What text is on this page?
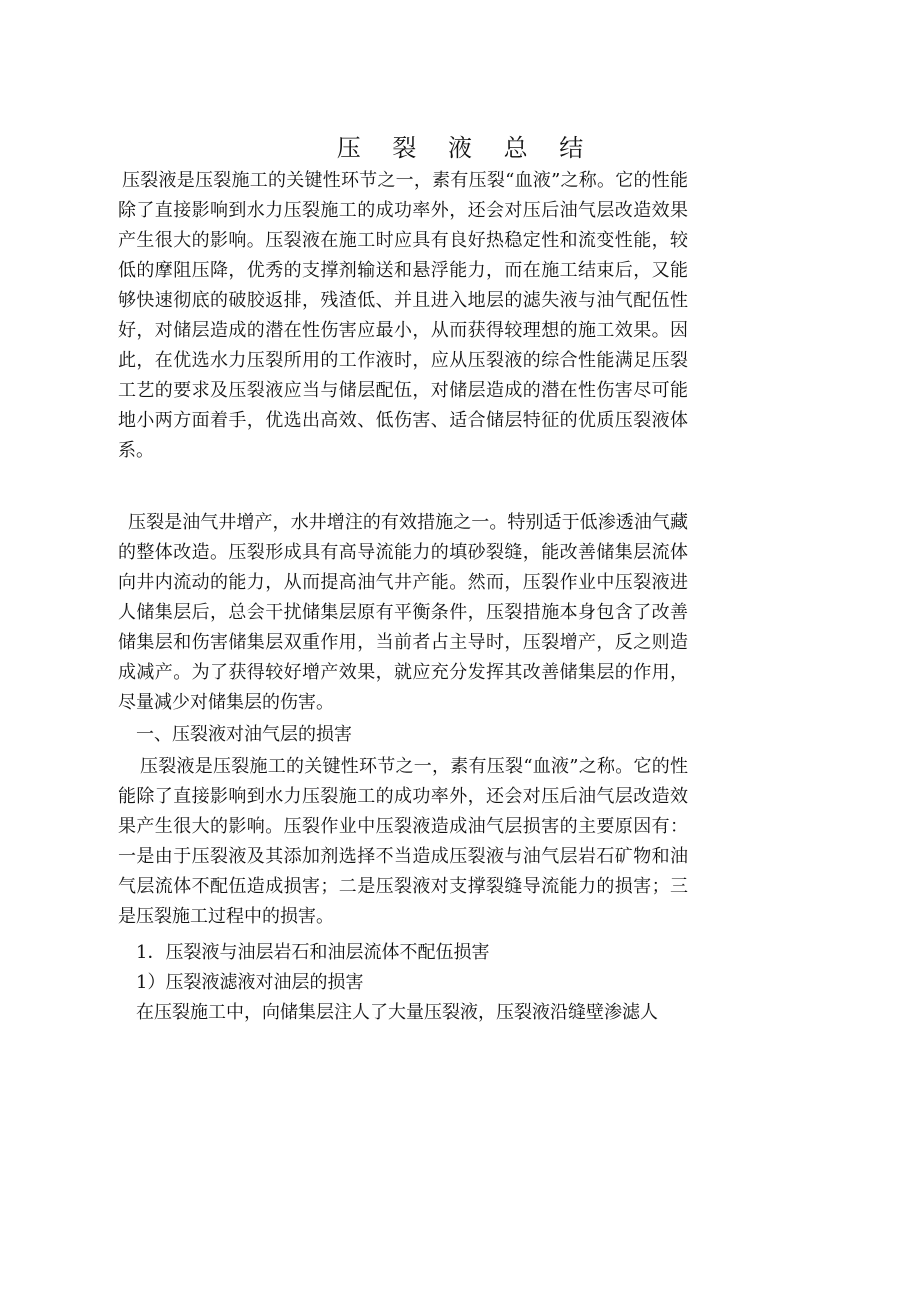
压 裂 液 总 结

压裂液是压裂施工的关键性环节之一，素有压裂“血液”之称。它的性能除了直接影响到水力压裂施工的成功率外，还会对压后油气层改造效果产生很大的影响。压裂液在施工时应具有良好热稳定性和流变性能，较低的摩阻压降，优秀的支撑剂输送和悬浮能力，而在施工结束后，又能够快速彻底的破胶返排，残渣低、并且进入地层的滤失液与油气配伍性好，对储层造成的潜在性伤害应最小，从而获得较理想的施工效果。因此，在优选水力压裂所用的工作液时，应从压裂液的综合性能满足压裂工艺的要求及压裂液应当与储层配伍，对储层造成的潜在性伤害尽可能地小两方面着手，优选出高效、低伤害、适合储层特征的优质压裂液体系。

压裂是油气井增产，水井增注的有效措施之一。特别适于低渗透油气藏的整体改造。压裂形成具有高导流能力的填砂裂缝，能改善储集层流体向井内流动的能力，从而提高油气井产能。然而，压裂作业中压裂液进人储集层后，总会干扰储集层原有平衡条件，压裂措施本身包含了改善储集层和伤害储集层双重作用，当前者占主导时，压裂增产，反之则造成减产。为了获得较好增产效果，就应充分发挥其改善储集层的作用，尽量减少对储集层的伤害。

一、压裂液对油气层的损害

压裂液是压裂施工的关键性环节之一，素有压裂“血液”之称。它的性能除了直接影响到水力压裂施工的成功率外，还会对压后油气层改造效果产生很大的影响。压裂作业中压裂液造成油气层损害的主要原因有：一是由于压裂液及其添加剂选择不当造成压裂液与油气层岩石矿物和油气层流体不配伍造成损害；二是压裂液对支撑裂缝导流能力的损害；三是压裂施工过程中的损害。

1．压裂液与油层岩石和油层流体不配伍损害

1）压裂液滤液对油层的损害

在压裂施工中，向储集层注人了大量压裂液，压裂液沿缝壁渗滤人
